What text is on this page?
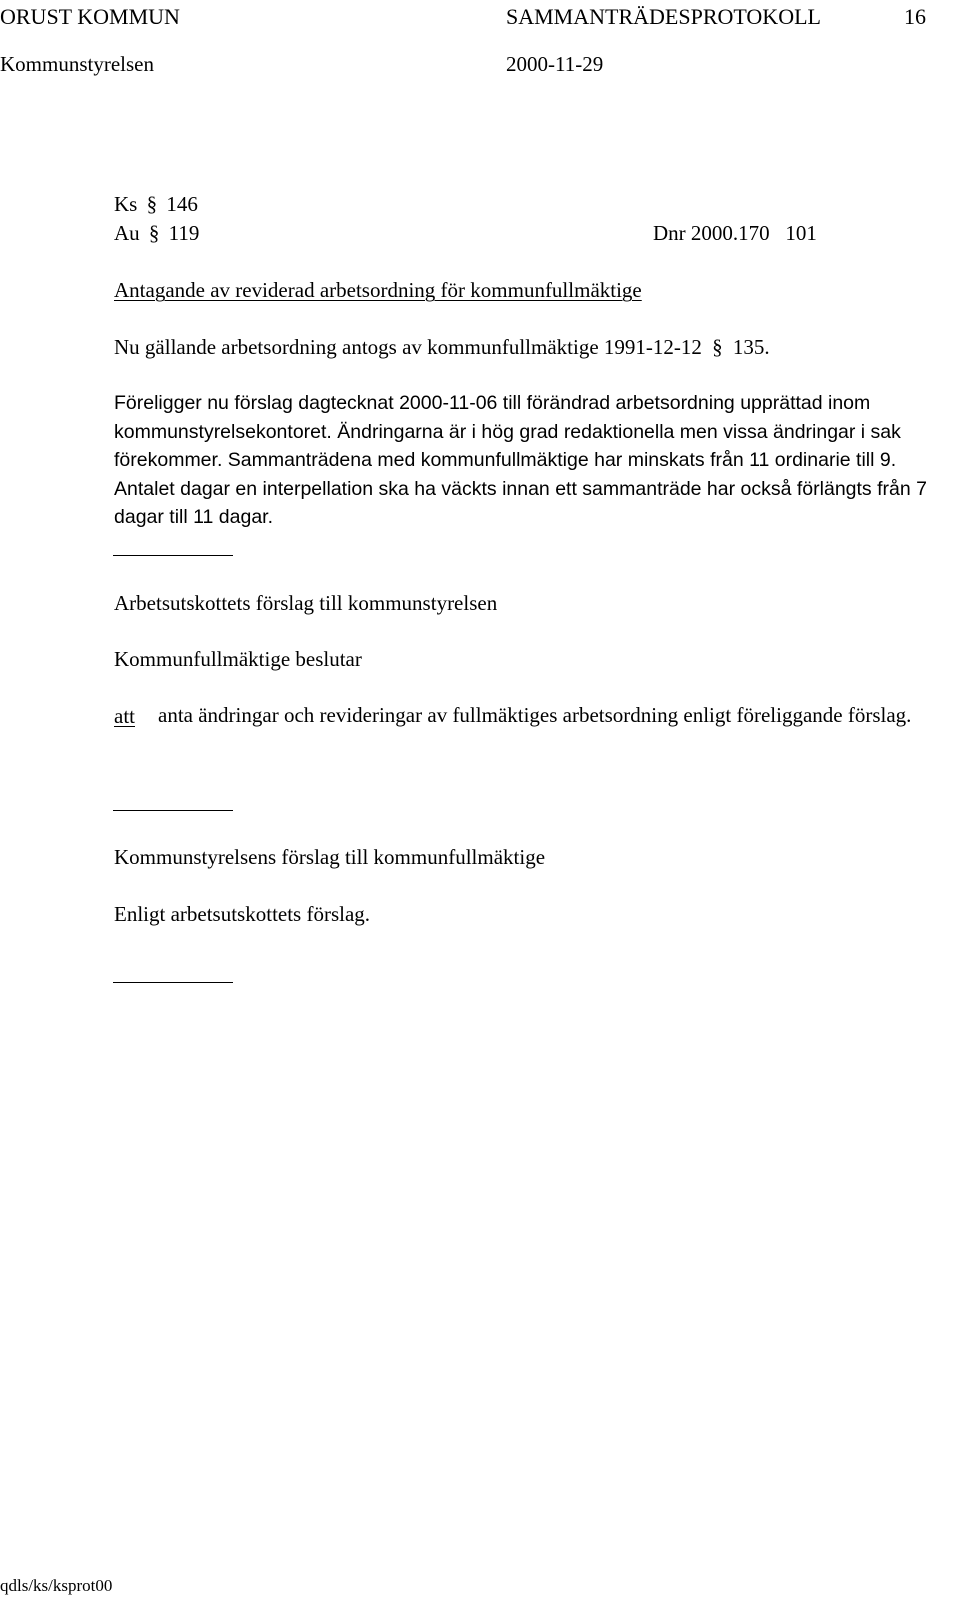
ORUST KOMMUN	SAMMANTRÄDESPROTOKOLL	16
Kommunstyrelsen	2000-11-29
Ks § 146
Au § 119	Dnr 2000.170   101
Antagande av reviderad arbetsordning för kommunfullmäktige
Nu gällande arbetsordning antogs av kommunfullmäktige 1991-12-12 § 135.
Föreligger nu förslag dagtecknat 2000-11-06 till förändrad arbetsordning upprättad inom kommunstyrelsekontoret. Ändringarna är i hög grad redaktionella men vissa ändringar i sak förekommer. Sammanträdena med kommunfullmäktige har minskats från 11 ordinarie till 9. Antalet dagar en interpellation ska ha väckts innan ett sammanträde har också förlängts från 7 dagar till 11 dagar.
Arbetsutskottets förslag till kommunstyrelsen
Kommunfullmäktige beslutar
att anta ändringar och revideringar av fullmäktiges arbetsordning enligt föreliggande förslag.
Kommunstyrelsens förslag till kommunfullmäktige
Enligt arbetsutskottets förslag.
qdls/ks/ksprot00
